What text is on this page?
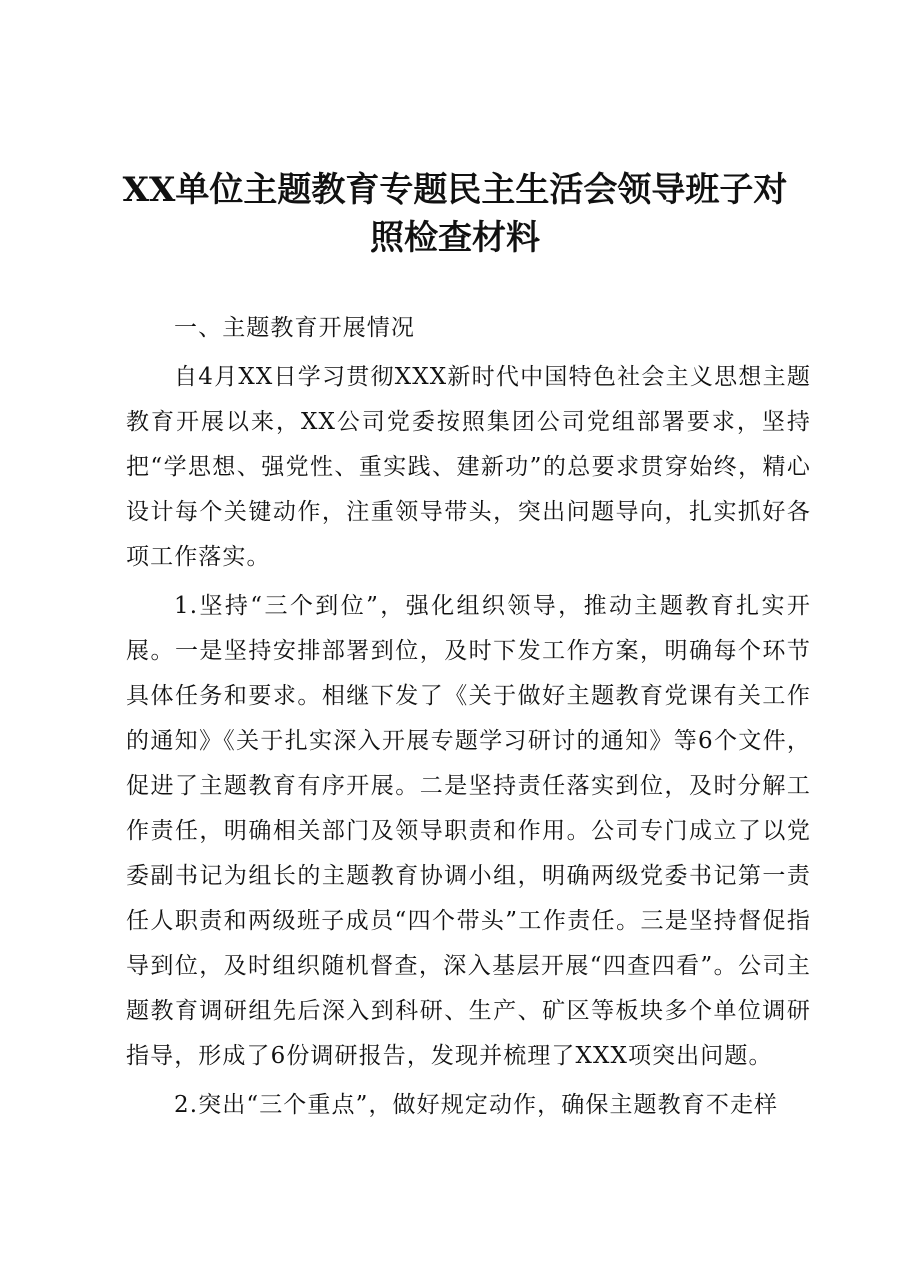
XX单位主题教育专题民主生活会领导班子对照检查材料

一、主题教育开展情况

自4月XX日学习贯彻XXX新时代中国特色社会主义思想主题教育开展以来，XX公司党委按照集团公司党组部署要求，坚持把“学思想、强党性、重实践、建新功”的总要求贯穿始终，精心设计每个关键动作，注重领导带头，突出问题导向，扎实抓好各项工作落实。

1.坚持“三个到位”，强化组织领导，推动主题教育扎实开展。一是坚持安排部署到位，及时下发工作方案，明确每个环节具体任务和要求。相继下发了《关于做好主题教育党课有关工作的通知》《关于扎实深入开展专题学习研讨的通知》等6个文件，促进了主题教育有序开展。二是坚持责任落实到位，及时分解工作责任，明确相关部门及领导职责和作用。公司专门成立了以党委副书记为组长的主题教育协调小组，明确两级党委书记第一责任人职责和两级班子成员“四个带头”工作责任。三是坚持督促指导到位，及时组织随机督查，深入基层开展“四查四看”。公司主题教育调研组先后深入到科研、生产、矿区等板块多个单位调研指导，形成了6份调研报告，发现并梳理了XXX项突出问题。

2.突出“三个重点”，做好规定动作，确保主题教育不走样
